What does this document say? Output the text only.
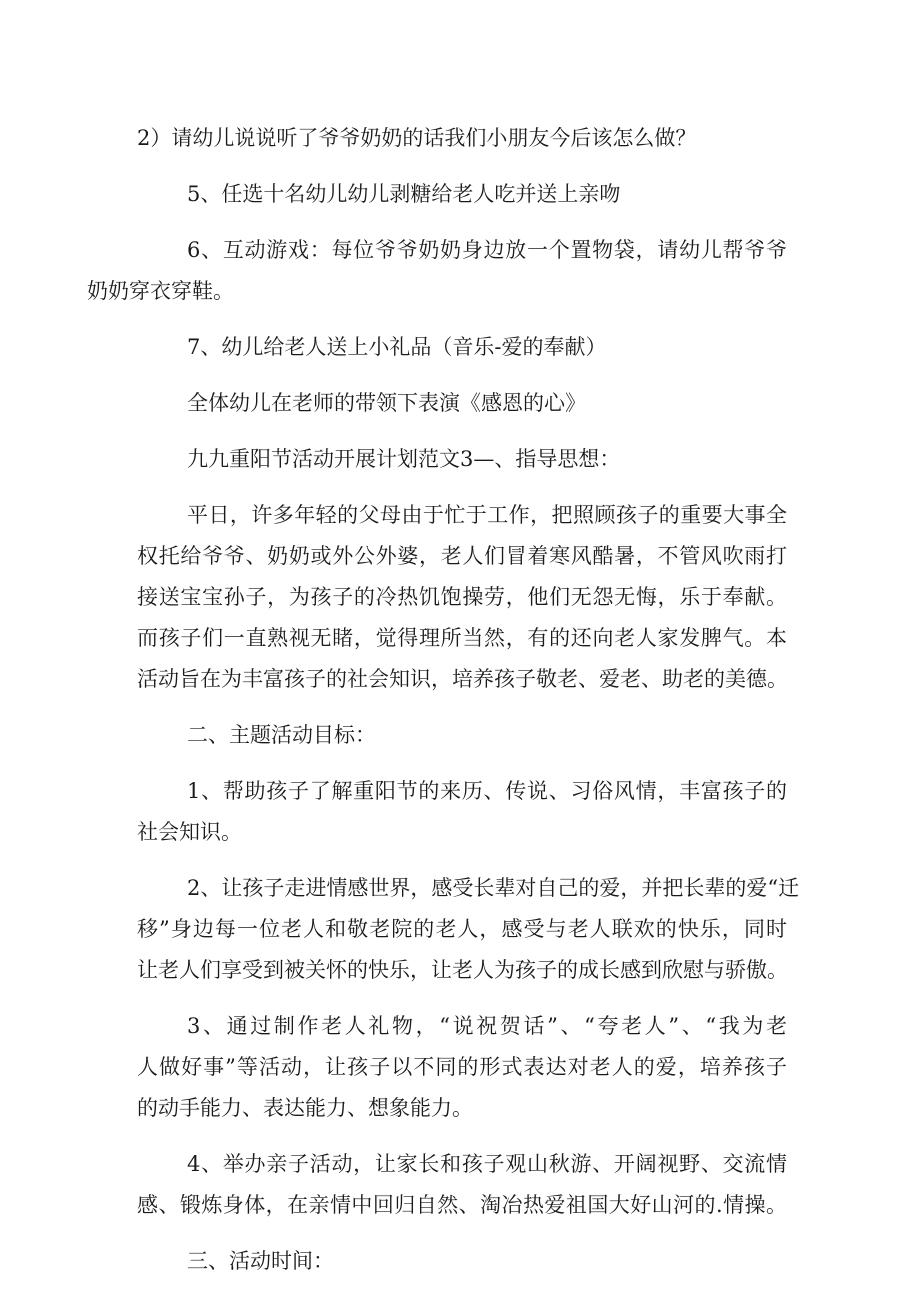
2）请幼儿说说听了爷爷奶奶的话我们小朋友今后该怎么做？

5、任选十名幼儿幼儿剥糖给老人吃并送上亲吻

6、互动游戏：每位爷爷奶奶身边放一个置物袋，请幼儿帮爷爷
奶奶穿衣穿鞋。

7、幼儿给老人送上小礼品（音乐-爱的奉献）

全体幼儿在老师的带领下表演《感恩的心》

九九重阳节活动开展计划范文3—、指导思想：

平日，许多年轻的父母由于忙于工作，把照顾孩子的重要大事全
权托给爷爷、奶奶或外公外婆，老人们冒着寒风酷暑，不管风吹雨打
接送宝宝孙子，为孩子的冷热饥饱操劳，他们无怨无悔，乐于奉献。
而孩子们一直熟视无睹，觉得理所当然，有的还向老人家发脾气。本
活动旨在为丰富孩子的社会知识，培养孩子敬老、爱老、助老的美德。

二、主题活动目标：

1、帮助孩子了解重阳节的来历、传说、习俗风情，丰富孩子的
社会知识。

2、让孩子走进情感世界，感受长辈对自己的爱，并把长辈的爱“迁
移”身边每一位老人和敬老院的老人，感受与老人联欢的快乐，同时
让老人们享受到被关怀的快乐，让老人为孩子的成长感到欣慰与骄傲。

3、通过制作老人礼物，“说祝贺话”、“夸老人”、“我为老
人做好事”等活动，让孩子以不同的形式表达对老人的爱，培养孩子
的动手能力、表达能力、想象能力。

4、举办亲子活动，让家长和孩子观山秋游、开阔视野、交流情
感、锻炼身体，在亲情中回归自然、淘冶热爱祖国大好山河的.情操。

三、活动时间：
